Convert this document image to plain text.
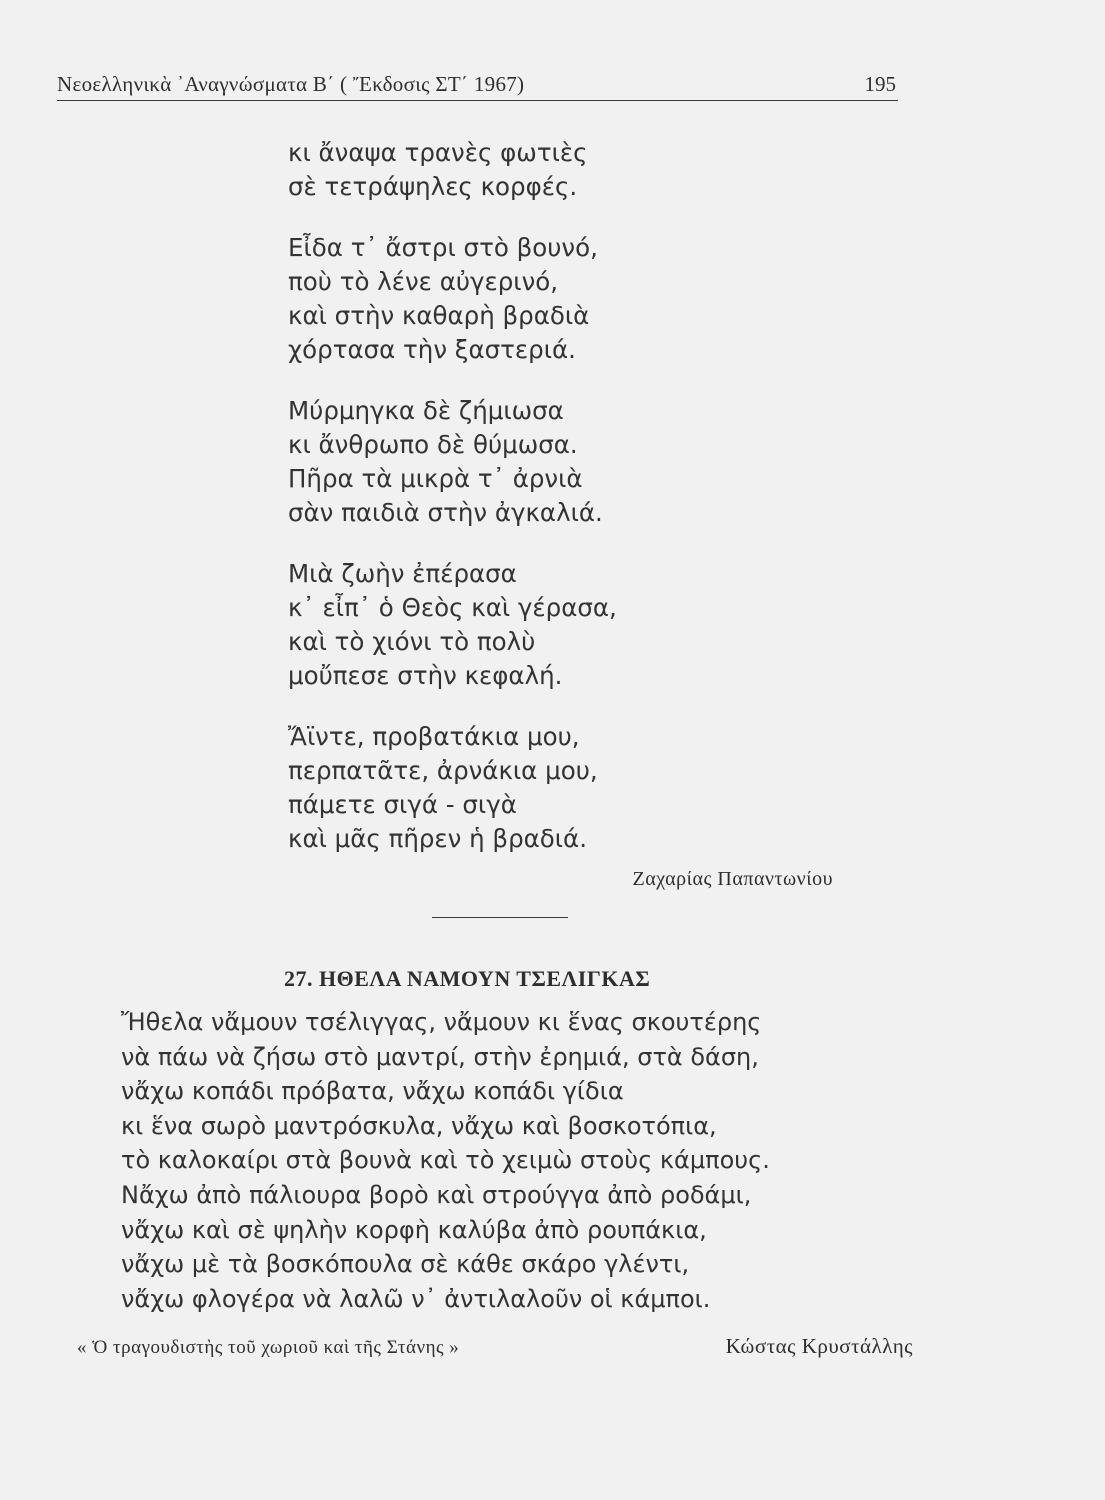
Νεοελληνικὰ ᾿Αναγνώσματα Β΄ ( Ἔκδοσις ΣΤ΄ 1967)	195
κι ἄναψα τρανὲς φωτιὲς
σὲ τετράψηλες κορφές.
Εἶδα τ᾿ ἄστρι στὸ βουνό,
ποὺ τὸ λένε αὐγερινό,
καὶ στὴν καθαρὴ βραδιὰ
χόρτασα τὴν ξαστεριά.
Μύρμηγκα δὲ ζήμιωσα
κι ἄνθρωπο δὲ θύμωσα.
Πῆρα τὰ μικρὰ τ᾿ ἀρνιὰ
σὰν παιδιὰ στὴν ἀγκαλιά.
Μιὰ ζωὴν ἐπέρασα
κ᾿ εἶπ᾿ ὁ Θεὸς καὶ γέρασα,
καὶ τὸ χιόνι τὸ πολὺ
μοὔπεσε στὴν κεφαλή.
Ἄϊντε, προβατάκια μου,
περπατᾶτε, ἀρνάκια μου,
πάμετε σιγά - σιγὰ
καὶ μᾶς πῆρεν ἡ βραδιά.
Ζαχαρίας Παπαντωνίου
27. ΗΘΕΛΑ ΝΑΜΟΥΝ ΤΣΕΛΙΓΚΑΣ
Ἤθελα νἄμουν τσέλιγγας, νἄμουν κι ἕνας σκουτέρης
νὰ πάω νὰ ζήσω στὸ μαντρί, στὴν ἐρημιά, στὰ δάση,
νἄχω κοπάδι πρόβατα, νἄχω κοπάδι γίδια
κι ἕνα σωρὸ μαντρόσκυλα, νἄχω καὶ βοσκοτόπια,
τὸ καλοκαίρι στὰ βουνὰ καὶ τὸ χειμὼ στοὺς κάμπους.
Νἄχω ἀπὸ πάλιουρα βορὸ καὶ στρούγγα ἀπὸ ροδάμι,
νἄχω καὶ σὲ ψηλὴν κορφὴ καλύβα ἀπὸ ρουπάκια,
νἄχω μὲ τὰ βοσκόπουλα σὲ κάθε σκάρο γλέντι,
νἄχω φλογέρα νὰ λαλῶ ν᾿ ἀντιλαλοῦν οἱ κάμποι.
« Ὁ τραγουδιστὴς τοῦ χωριοῦ καὶ τῆς Στάνης »	Κώστας Κρυστάλλης
